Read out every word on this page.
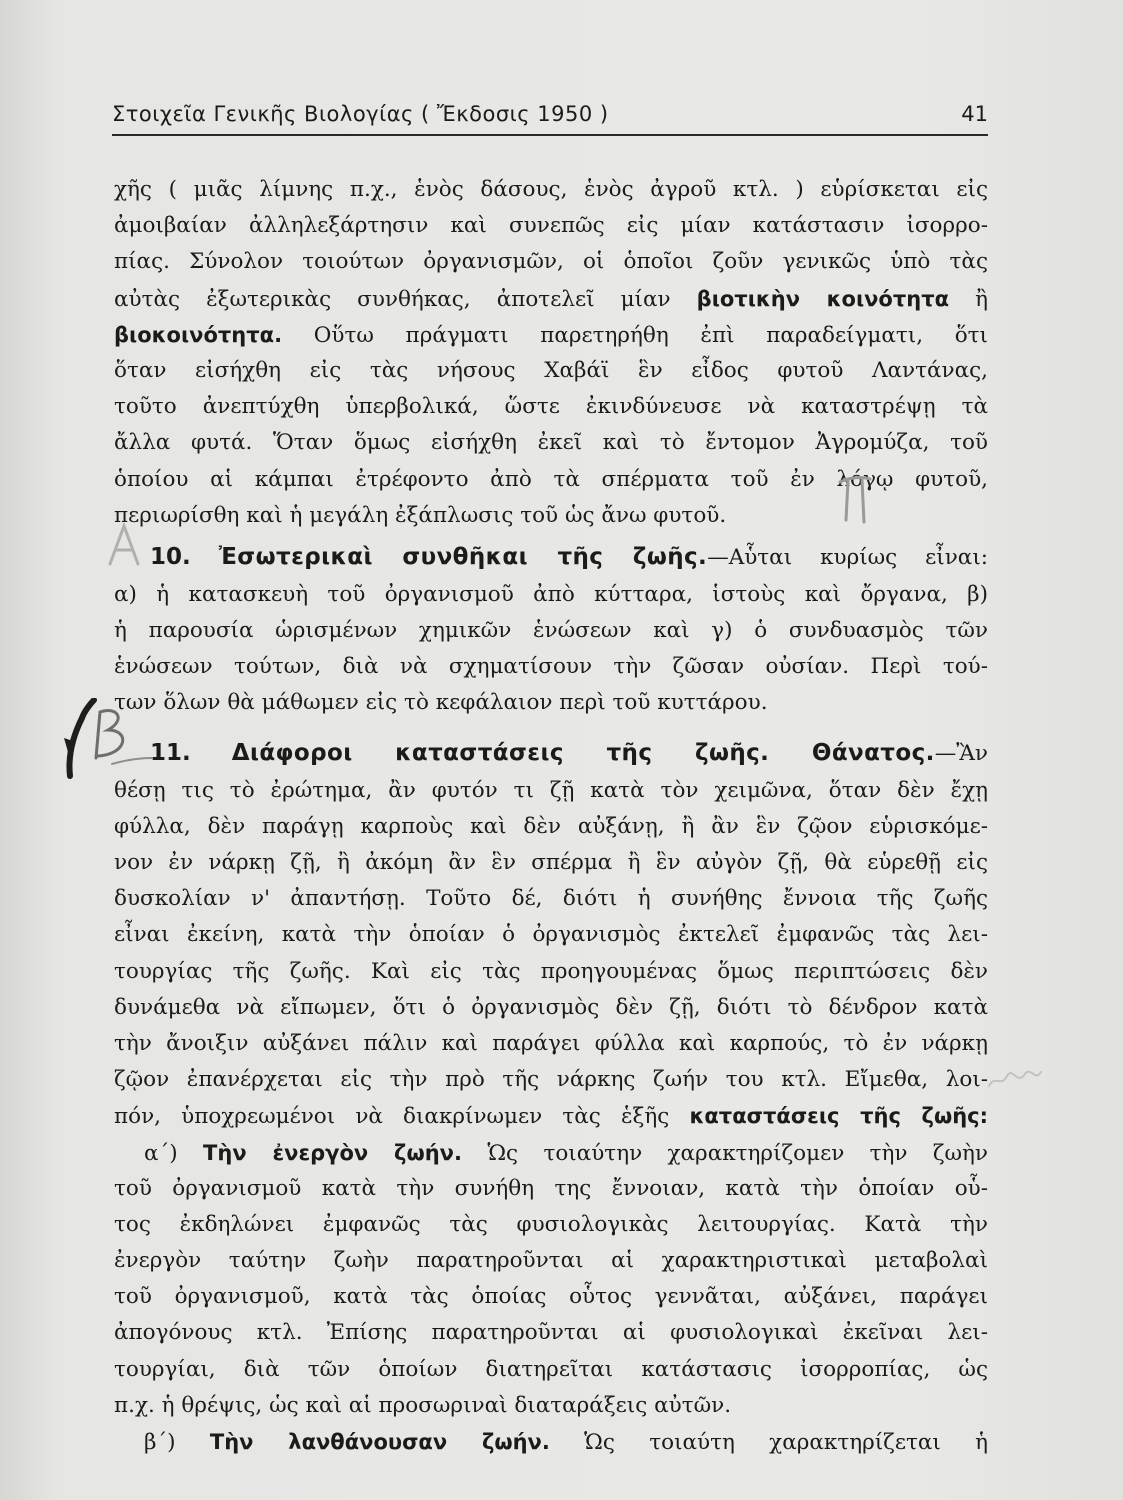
Στοιχεῖα Γενικῆς Βιολογίας ( Ἔκδοσις 1950 )	41
χῆς ( μιᾶς λίμνης π.χ., ἑνὸς δάσους, ἑνὸς ἀγροῦ κτλ. ) εὑρίσκεται εἰς
ἀμοιβαίαν ἀλληλεξάρτησιν καὶ συνεπῶς εἰς μίαν κατάστασιν ἰσορρο-
πίας. Σύνολον τοιούτων ὀργανισμῶν, οἱ ὁποῖοι ζοῦν γενικῶς ὑπὸ τὰς
αὐτὰς ἐξωτερικὰς συνθήκας, ἀποτελεῖ μίαν βιοτικὴν κοινότητα ἢ
βιοκοινότητα. Οὕτω πράγματι παρετηρήθη ἐπὶ παραδείγματι, ὅτι
ὅταν εἰσήχθη εἰς τὰς νήσους Χαβάϊ ἓν εἶδος φυτοῦ Λαντάνας,
τοῦτο ἀνεπτύχθη ὑπερβολικά, ὥστε ἐκινδύνευσε νὰ καταστρέψῃ τὰ
ἄλλα φυτά. Ὅταν ὅμως εἰσήχθη ἐκεῖ καὶ τὸ ἔντομον Ἀγρομύζα, τοῦ
ὁποίου αἱ κάμπαι ἐτρέφοντο ἀπὸ τὰ σπέρματα τοῦ ἐν λόγῳ φυτοῦ,
περιωρίσθη καὶ ἡ μεγάλη ἐξάπλωσις τοῦ ὡς ἄνω φυτοῦ.
10. Ἐσωτερικαὶ συνθῆκαι τῆς ζωῆς.—Αὗται κυρίως εἶναι:
α) ἡ κατασκευὴ τοῦ ὀργανισμοῦ ἀπὸ κύτταρα, ἱστοὺς καὶ ὄργανα, β)
ἡ παρουσία ὡρισμένων χημικῶν ἑνώσεων καὶ γ) ὁ συνδυασμὸς τῶν
ἑνώσεων τούτων, διὰ νὰ σχηματίσουν τὴν ζῶσαν οὐσίαν. Περὶ τού-
των ὅλων θὰ μάθωμεν εἰς τὸ κεφάλαιον περὶ τοῦ κυττάρου.
11. Διάφοροι καταστάσεις τῆς ζωῆς. Θάνατος.—Ἂν
θέσῃ τις τὸ ἐρώτημα, ἂν φυτόν τι ζῇ κατὰ τὸν χειμῶνα, ὅταν δὲν ἔχῃ
φύλλα, δὲν παράγῃ καρποὺς καὶ δὲν αὐξάνῃ, ἢ ἂν ἓν ζῷον εὑρισκόμε-
νον ἐν νάρκῃ ζῇ, ἢ ἀκόμη ἂν ἓν σπέρμα ἢ ἓν αὐγὸν ζῇ, θὰ εὑρεθῇ εἰς
δυσκολίαν ν' ἀπαντήσῃ. Τοῦτο δέ, διότι ἡ συνήθης ἔννοια τῆς ζωῆς
εἶναι ἐκείνη, κατὰ τὴν ὁποίαν ὁ ὀργανισμὸς ἐκτελεῖ ἐμφανῶς τὰς λει-
τουργίας τῆς ζωῆς. Καὶ εἰς τὰς προηγουμένας ὅμως περιπτώσεις δὲν
δυνάμεθα νὰ εἴπωμεν, ὅτι ὁ ὀργανισμὸς δὲν ζῇ, διότι τὸ δένδρον κατὰ
τὴν ἄνοιξιν αὐξάνει πάλιν καὶ παράγει φύλλα καὶ καρπούς, τὸ ἐν νάρκῃ
ζῷον ἐπανέρχεται εἰς τὴν πρὸ τῆς νάρκης ζωήν του κτλ. Εἴμεθα, λοι-
πόν, ὑποχρεωμένοι νὰ διακρίνωμεν τὰς ἑξῆς καταστάσεις τῆς ζωῆς:
α΄) Τὴν ἐνεργὸν ζωήν. Ὡς τοιαύτην χαρακτηρίζομεν τὴν ζωὴν
τοῦ ὀργανισμοῦ κατὰ τὴν συνήθη της ἔννοιαν, κατὰ τὴν ὁποίαν οὗ-
τος ἐκδηλώνει ἐμφανῶς τὰς φυσιολογικὰς λειτουργίας. Κατὰ τὴν
ἐνεργὸν ταύτην ζωὴν παρατηροῦνται αἱ χαρακτηριστικαὶ μεταβολαὶ
τοῦ ὀργανισμοῦ, κατὰ τὰς ὁποίας οὗτος γεννᾶται, αὐξάνει, παράγει
ἀπογόνους κτλ. Ἐπίσης παρατηροῦνται αἱ φυσιολογικαὶ ἐκεῖναι λει-
τουργίαι, διὰ τῶν ὁποίων διατηρεῖται κατάστασις ἰσορροπίας, ὡς
π.χ. ἡ θρέψις, ὡς καὶ αἱ προσωριναὶ διαταράξεις αὐτῶν.
β΄) Τὴν λανθάνουσαν ζωήν. Ὡς τοιαύτη χαρακτηρίζεται ἡ
